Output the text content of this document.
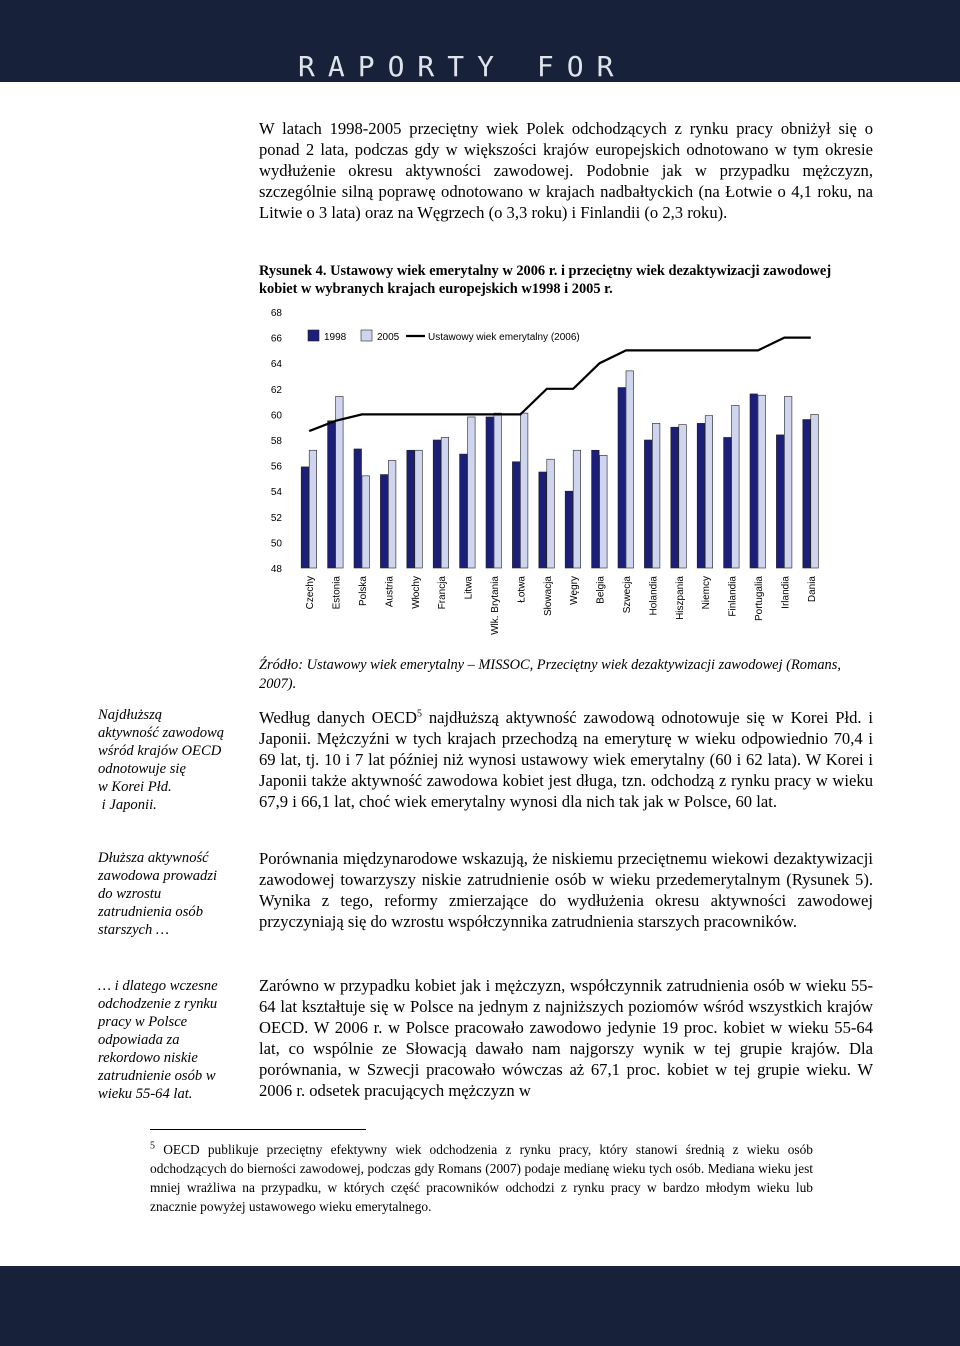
RAPORTY FOR

W latach 1998-2005 przeciętny wiek Polek odchodzących z rynku pracy obniżył się o ponad 2 lata, podczas gdy w większości krajów europejskich odnotowano w tym okresie wydłużenie okresu aktywności zawodowej. Podobnie jak w przypadku mężczyzn, szczególnie silną poprawę odnotowano w krajach nadbałtyckich (na Łotwie o 4,1 roku, na Litwie o 3 lata) oraz na Węgrzech (o 3,3 roku) i Finlandii (o 2,3 roku).

Rysunek 4. Ustawowy wiek emerytalny w 2006 r. i przeciętny wiek dezaktywizacji zawodowej

kobiet w wybranych krajach europejskich w1998 i 2005 r.

68
66
64
62
60
58
56
54
52
50
48
Czechy Estonia Polska Austria Włochy Francja Litwa Wlk. Brytania Łotwa Słowacja Węgry Belgia Szwecja Holandia Hiszpania Niemcy Finlandia Portugalia Irlandia Dania
1998	2005	Ustawowy wiek emerytalny (2006)

Źródło: Ustawowy wiek emerytalny – MISSOC, Przeciętny wiek dezaktywizacji zawodowej (Romans, 2007).

Najdłuższą
aktywność zawodową
wśród krajów OECD
odnotowuje się
w Korei Płd.
i Japonii.
Dłuższa aktywność
zawodowa prowadzi
do wzrostu
zatrudnienia osób
starszych …
… i dlatego wczesne
odchodzenie z rynku
pracy w Polsce
odpowiada za
rekordowo niskie
zatrudnienie osób w
wieku 55-64 lat.

Według danych OECD$^5$ najdłuższą aktywność zawodową odnotowuje się w Korei Płd. i Japonii. Mężczyźni w tych krajach przechodzą na emeryturę w wieku odpowiednio 70,4 i 69 lat, tj. 10 i 7 lat później niż wynosi ustawowy wiek emerytalny (60 i 62 lata). W Korei i Japonii także aktywność zawodowa kobiet jest długa, tzn. odchodzą z rynku pracy w wieku 67,9 i 66,1 lat, choć wiek emerytalny wynosi dla nich tak jak w Polsce, 60 lat.

Porównania międzynarodowe wskazują, że niskiemu przeciętnemu wiekowi dezaktywizacji zawodowej towarzyszy niskie zatrudnienie osób w wieku przedemerytalnym (Rysunek 5). Wynika z tego, reformy zmierzające do wydłużenia okresu aktywności zawodowej przyczyniają się do wzrostu współczynnika zatrudnienia starszych pracowników.

Zarówno w przypadku kobiet jak i mężczyzn, współczynnik zatrudnienia osób w wieku 55-64 lat kształtuje się w Polsce na jednym z najniższych poziomów wśród wszystkich krajów OECD. W 2006 r. w Polsce pracowało zawodowo jedynie 19 proc. kobiet w wieku 55-64 lat, co wspólnie ze Słowacją dawało nam najgorszy wynik w tej grupie krajów. Dla porównania, w Szwecji pracowało wówczas aż 67,1 proc. kobiet w tej grupie wieku. W 2006 r. odsetek pracujących mężczyzn w

$^5$ OECD publikuje przeciętny efektywny wiek odchodzenia z rynku pracy, który stanowi średnią z wieku osób odchodzących do bierności zawodowej, podczas gdy Romans (2007) podaje medianę wieku tych osób. Mediana wieku jest mniej wrażliwa na przypadku, w których część pracowników odchodzi z rynku pracy w bardzo młodym wieku lub znacznie powyżej ustawowego wieku emerytalnego.
